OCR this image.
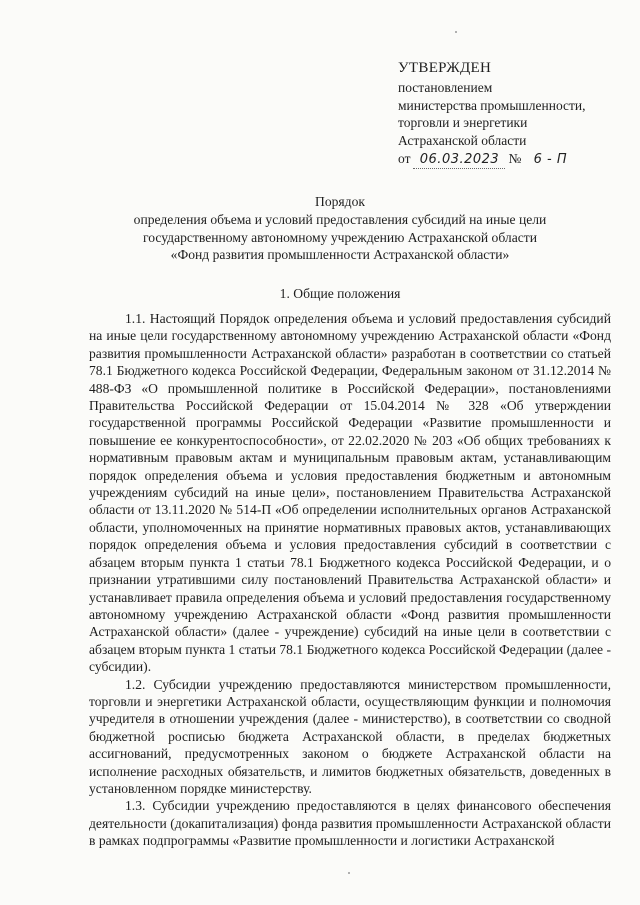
УТВЕРЖДЕН
постановлением
министерства промышленности,
торговли и энергетики
Астраханской области
от 06.03.2023 № 6 - П
Порядок
определения объема и условий предоставления субсидий на иные цели
государственному автономному учреждению Астраханской области
«Фонд развития промышленности Астраханской области»
1. Общие положения

1.1. Настоящий Порядок определения объема и условий предоставления субсидий на иные цели государственному автономному учреждению Астраханской области «Фонд развития промышленности Астраханской области» разработан в соответствии со статьей 78.1 Бюджетного кодекса Российской Федерации, Федеральным законом от 31.12.2014 № 488-ФЗ «О промышленной политике в Российской Федерации», постановлениями Правительства Российской Федерации от 15.04.2014 № 328 «Об утверждении государственной программы Российской Федерации «Развитие промышленности и повышение ее конкурентоспособности», от 22.02.2020 № 203 «Об общих требованиях к нормативным правовым актам и муниципальным правовым актам, устанавливающим порядок определения объема и условия предоставления бюджетным и автономным учреждениям субсидий на иные цели», постановлением Правительства Астраханской области от 13.11.2020 № 514-П «Об определении исполнительных органов Астраханской области, уполномоченных на принятие нормативных правовых актов, устанавливающих порядок определения объема и условия предоставления субсидий в соответствии с абзацем вторым пункта 1 статьи 78.1 Бюджетного кодекса Российской Федерации, и о признании утратившими силу постановлений Правительства Астраханской области» и устанавливает правила определения объема и условий предоставления государственному автономному учреждению Астраханской области «Фонд развития промышленности Астраханской области» (далее - учреждение) субсидий на иные цели в соответствии с абзацем вторым пункта 1 статьи 78.1 Бюджетного кодекса Российской Федерации (далее - субсидии).

1.2. Субсидии учреждению предоставляются министерством промышленности, торговли и энергетики Астраханской области, осуществляющим функции и полномочия учредителя в отношении учреждения (далее - министерство), в соответствии со сводной бюджетной росписью бюджета Астраханской области, в пределах бюджетных ассигнований, предусмотренных законом о бюджете Астраханской области на исполнение расходных обязательств, и лимитов бюджетных обязательств, доведенных в установленном порядке министерству.

1.3. Субсидии учреждению предоставляются в целях финансового обеспечения деятельности (докапитализация) фонда развития промышленности Астраханской области в рамках подпрограммы «Развитие промышленности и логистики Астраханской
